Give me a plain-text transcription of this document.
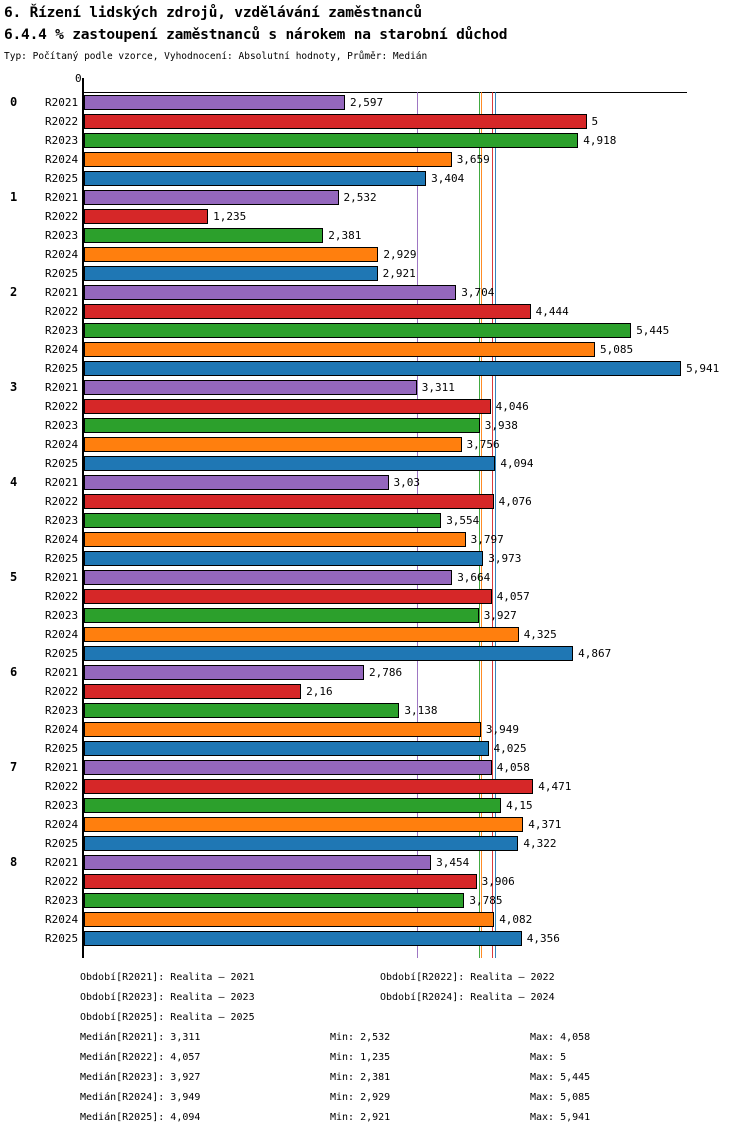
6. Řízení lidských zdrojů, vzdělávání zaměstnanců
6.4.4 % zastoupení zaměstnanců s nárokem na starobní důchod
Typ: Počítaný podle vzorce, Vyhodnocení: Absolutní hodnoty, Průměr: Medián
0
2,597
5
4,918
3,659
3,404
2,532
1,235
2,381
2,929
2,921
3,704
4,444
5,445
5,085
5,941
3,311
4,046
3,938
3,756
4,094
3,03
4,076
3,554
3,797
3,973
3,664
4,057
3,927
4,325
4,867
2,786
2,16
3,138
3,949
4,025
4,058
4,471
4,15
4,371
4,322
3,454
3,906
3,785
4,082
4,356
0	R2021
R2022
R2023
R2024
R2025
1	R2021
R2022
R2023
R2024
R2025
2	R2021
R2022
R2023
R2024
R2025
3	R2021
R2022
R2023
R2024
R2025
4	R2021
R2022
R2023
R2024
R2025
5	R2021
R2022
R2023
R2024
R2025
6	R2021
R2022
R2023
R2024
R2025
7	R2021
R2022
R2023
R2024
R2025
8	R2021
R2022
R2023
R2024
R2025
Období[R2021]: Realita – 2021	Období[R2022]: Realita – 2022
Období[R2023]: Realita – 2023	Období[R2024]: Realita – 2024
Období[R2025]: Realita – 2025
Medián[R2021]: 3,311	Min: 2,532	Max: 4,058
Medián[R2022]: 4,057	Min: 1,235	Max: 5
Medián[R2023]: 3,927	Min: 2,381	Max: 5,445
Medián[R2024]: 3,949	Min: 2,929	Max: 5,085
Medián[R2025]: 4,094	Min: 2,921	Max: 5,941
